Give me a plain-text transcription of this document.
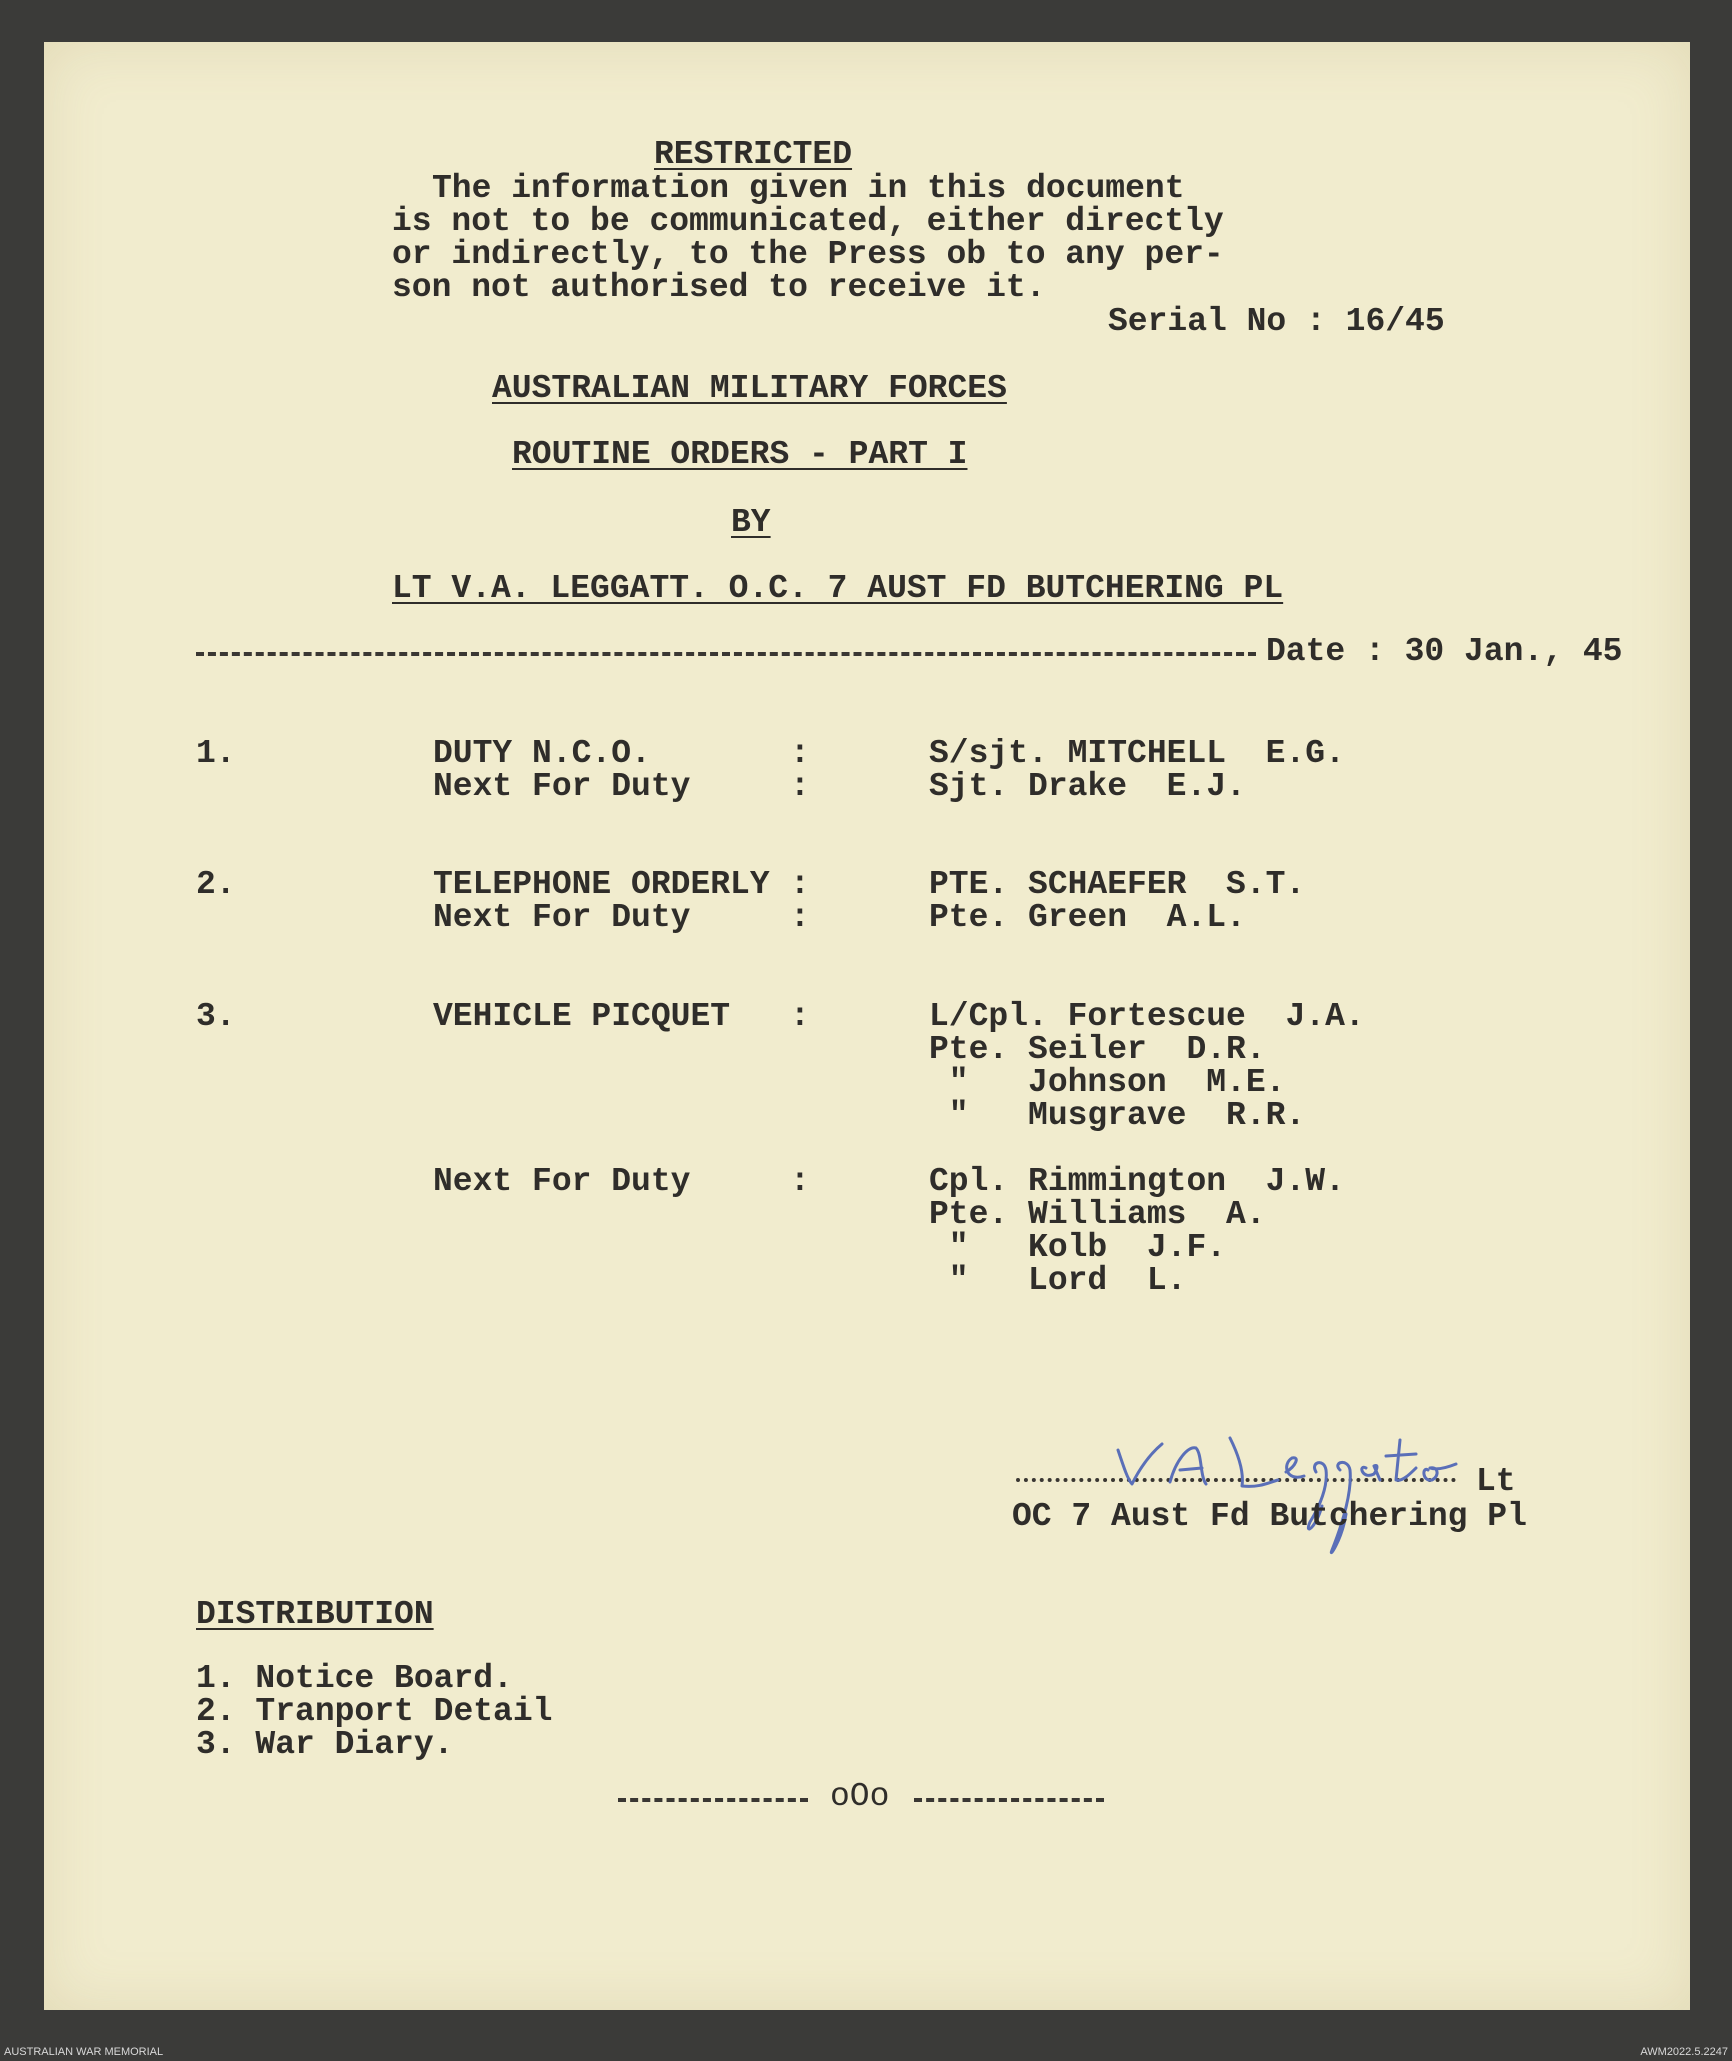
RESTRICTED
The information given in this document
is not to be communicated, either directly
or indirectly, to the Press ob to any per-
son not authorised to receive it.
Serial No : 16/45
AUSTRALIAN MILITARY FORCES
ROUTINE ORDERS - PART I
BY
LT V.A. LEGGATT. O.C. 7 AUST FD BUTCHERING PL
Date : 30 Jan., 45
1.	DUTY N.C.O.	:	S/sjt. MITCHELL  E.G.
Next For Duty	:	Sjt. Drake  E.J.
2.	TELEPHONE ORDERLY :	PTE. SCHAEFER  S.T.
Next For Duty	:	Pte. Green  A.L.
3.	VEHICLE PICQUET :	L/Cpl. Fortescue  J.A.
Pte. Seiler  D.R.
"   Johnson  M.E.
"   Musgrave  R.R.
Next For Duty	:	Cpl. Rimmington  J.W.
Pte. Williams  A.
"   Kolb  J.F.
"   Lord  L.
Lt
OC 7 Aust Fd Butchering Pl
DISTRIBUTION
1. Notice Board.
2. Tranport Detail
3. War Diary.
oOo
AUSTRALIAN WAR MEMORIAL	AWM2022.5.2247
